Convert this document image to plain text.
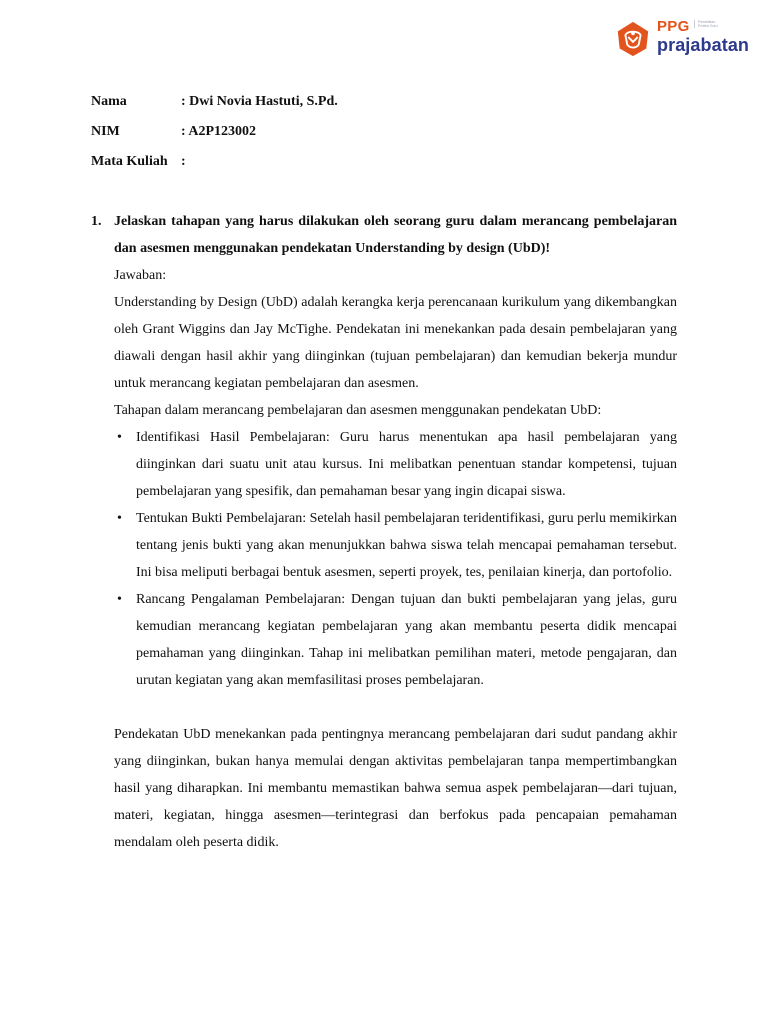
PPG	Pendidikan Profesi Guru
prajabatan
Nama	: Dwi Novia Hastuti, S.Pd.
NIM	: A2P123002
Mata Kuliah :
1. Jelaskan tahapan yang harus dilakukan oleh seorang guru dalam merancang pembelajaran dan asesmen menggunakan pendekatan Understanding by design (UbD)!

Jawaban:

Understanding by Design (UbD) adalah kerangka kerja perencanaan kurikulum yang dikembangkan oleh Grant Wiggins dan Jay McTighe. Pendekatan ini menekankan pada desain pembelajaran yang diawali dengan hasil akhir yang diinginkan (tujuan pembelajaran) dan kemudian bekerja mundur untuk merancang kegiatan pembelajaran dan asesmen.

Tahapan dalam merancang pembelajaran dan asesmen menggunakan pendekatan UbD:

•	Identifikasi Hasil Pembelajaran: Guru harus menentukan apa hasil pembelajaran yang diinginkan dari suatu unit atau kursus. Ini melibatkan penentuan standar kompetensi, tujuan pembelajaran yang spesifik, dan pemahaman besar yang ingin dicapai siswa.
•	Tentukan Bukti Pembelajaran: Setelah hasil pembelajaran teridentifikasi, guru perlu memikirkan tentang jenis bukti yang akan menunjukkan bahwa siswa telah mencapai pemahaman tersebut. Ini bisa meliputi berbagai bentuk asesmen, seperti proyek, tes, penilaian kinerja, dan portofolio.
•	Rancang Pengalaman Pembelajaran: Dengan tujuan dan bukti pembelajaran yang jelas, guru kemudian merancang kegiatan pembelajaran yang akan membantu peserta didik mencapai pemahaman yang diinginkan. Tahap ini melibatkan pemilihan materi, metode pengajaran, dan urutan kegiatan yang akan memfasilitasi proses pembelajaran.

Pendekatan UbD menekankan pada pentingnya merancang pembelajaran dari sudut pandang akhir yang diinginkan, bukan hanya memulai dengan aktivitas pembelajaran tanpa mempertimbangkan hasil yang diharapkan. Ini membantu memastikan bahwa semua aspek pembelajaran—dari tujuan, materi, kegiatan, hingga asesmen—terintegrasi dan berfokus pada pencapaian pemahaman mendalam oleh peserta didik.
